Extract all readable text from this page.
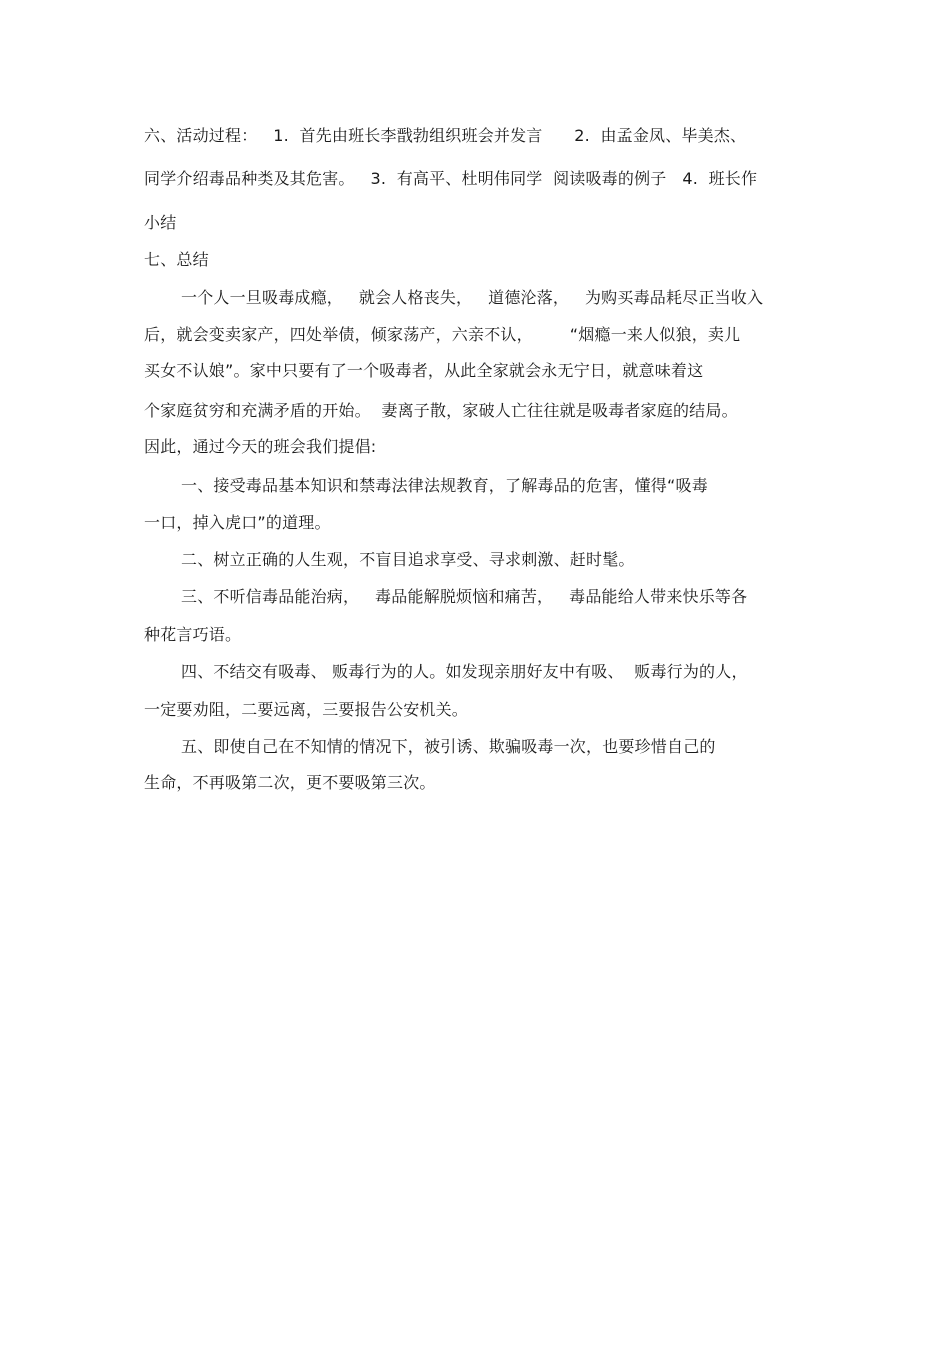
六、活动过程：   1.  首先由班长李戬勃组织班会并发言      2.  由孟金凤、毕美杰、
同学介绍毒品种类及其危害。   3.  有高平、杜明伟同学  阅读吸毒的例子   4.  班长作
小结
七、总结
一个人一旦吸毒成瘾，   就会人格丧失，   道德沦落，   为购买毒品耗尽正当收入
后，就会变卖家产，四处举债，倾家荡产，六亲不认，       “烟瘾一来人似狼，卖儿
买女不认娘”。家中只要有了一个吸毒者，从此全家就会永无宁日，就意味着这
个家庭贫穷和充满矛盾的开始。  妻离子散，家破人亡往往就是吸毒者家庭的结局。
因此，通过今天的班会我们提倡:
一、接受毒品基本知识和禁毒法律法规教育，了解毒品的危害，懂得“吸毒
一口，掉入虎口”的道理。
二、树立正确的人生观，不盲目追求享受、寻求刺激、赶时髦。
三、不听信毒品能治病，   毒品能解脱烦恼和痛苦，   毒品能给人带来快乐等各
种花言巧语。
四、不结交有吸毒、 贩毒行为的人。如发现亲朋好友中有吸、  贩毒行为的人，
一定要劝阻，二要远离，三要报告公安机关。
五、即使自己在不知情的情况下，被引诱、欺骗吸毒一次，也要珍惜自己的
生命，不再吸第二次，更不要吸第三次。
